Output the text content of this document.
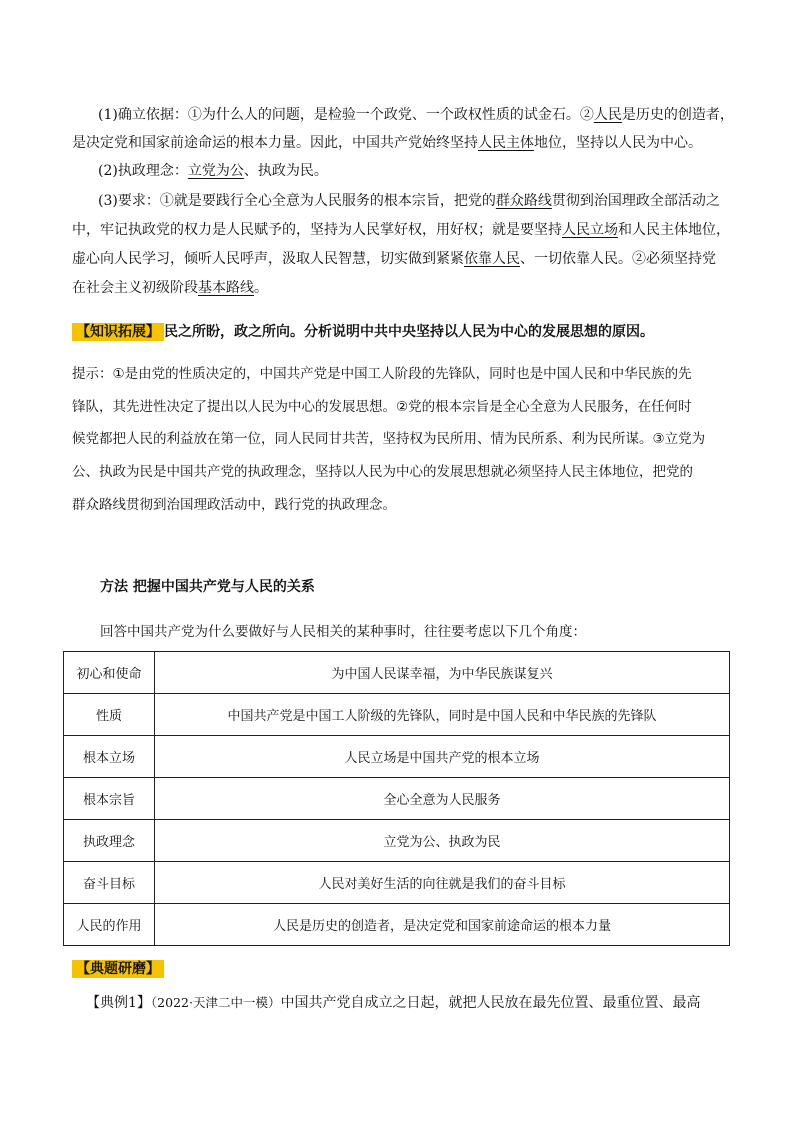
(1)确立依据：①为什么人的问题，是检验一个政党、一个政权性质的试金石。②人民是历史的创造者，
是决定党和国家前途命运的根本力量。因此，中国共产党始终坚持人民主体地位，坚持以人民为中心。
(2)执政理念：立党为公、执政为民。
(3)要求：①就是要践行全心全意为人民服务的根本宗旨，把党的群众路线贯彻到治国理政全部活动之
中，牢记执政党的权力是人民赋予的，坚持为人民掌好权，用好权；就是要坚持人民立场和人民主体地位，
虚心向人民学习，倾听人民呼声，汲取人民智慧，切实做到紧紧依靠人民、一切依靠人民。②必须坚持党
在社会主义初级阶段基本路线。
【知识拓展】 民之所盼，政之所向。分析说明中共中央坚持以人民为中心的发展思想的原因。
提示：①是由党的性质决定的，中国共产党是中国工人阶段的先锋队，同时也是中国人民和中华民族的先
锋队，其先进性决定了提出以人民为中心的发展思想。②党的根本宗旨是全心全意为人民服务，在任何时
候党都把人民的利益放在第一位，同人民同甘共苦，坚持权为民所用、情为民所系、利为民所谋。③立党为
公、执政为民是中国共产党的执政理念，坚持以人民为中心的发展思想就必须坚持人民主体地位，把党的
群众路线贯彻到治国理政活动中，践行党的执政理念。
方法 把握中国共产党与人民的关系
回答中国共产党为什么要做好与人民相关的某种事时，往往要考虑以下几个角度：
初心和使命	为中国人民谋幸福，为中华民族谋复兴
性质	中国共产党是中国工人阶级的先锋队，同时是中国人民和中华民族的先锋队
根本立场	人民立场是中国共产党的根本立场
根本宗旨	全心全意为人民服务
执政理念	立党为公、执政为民
奋斗目标	人民对美好生活的向往就是我们的奋斗目标
人民的作用	人民是历史的创造者，是决定党和国家前途命运的根本力量
【典题研磨】
【典例1】（2022·天津二中一模）中国共产党自成立之日起，就把人民放在最先位置、最重位置、最高
